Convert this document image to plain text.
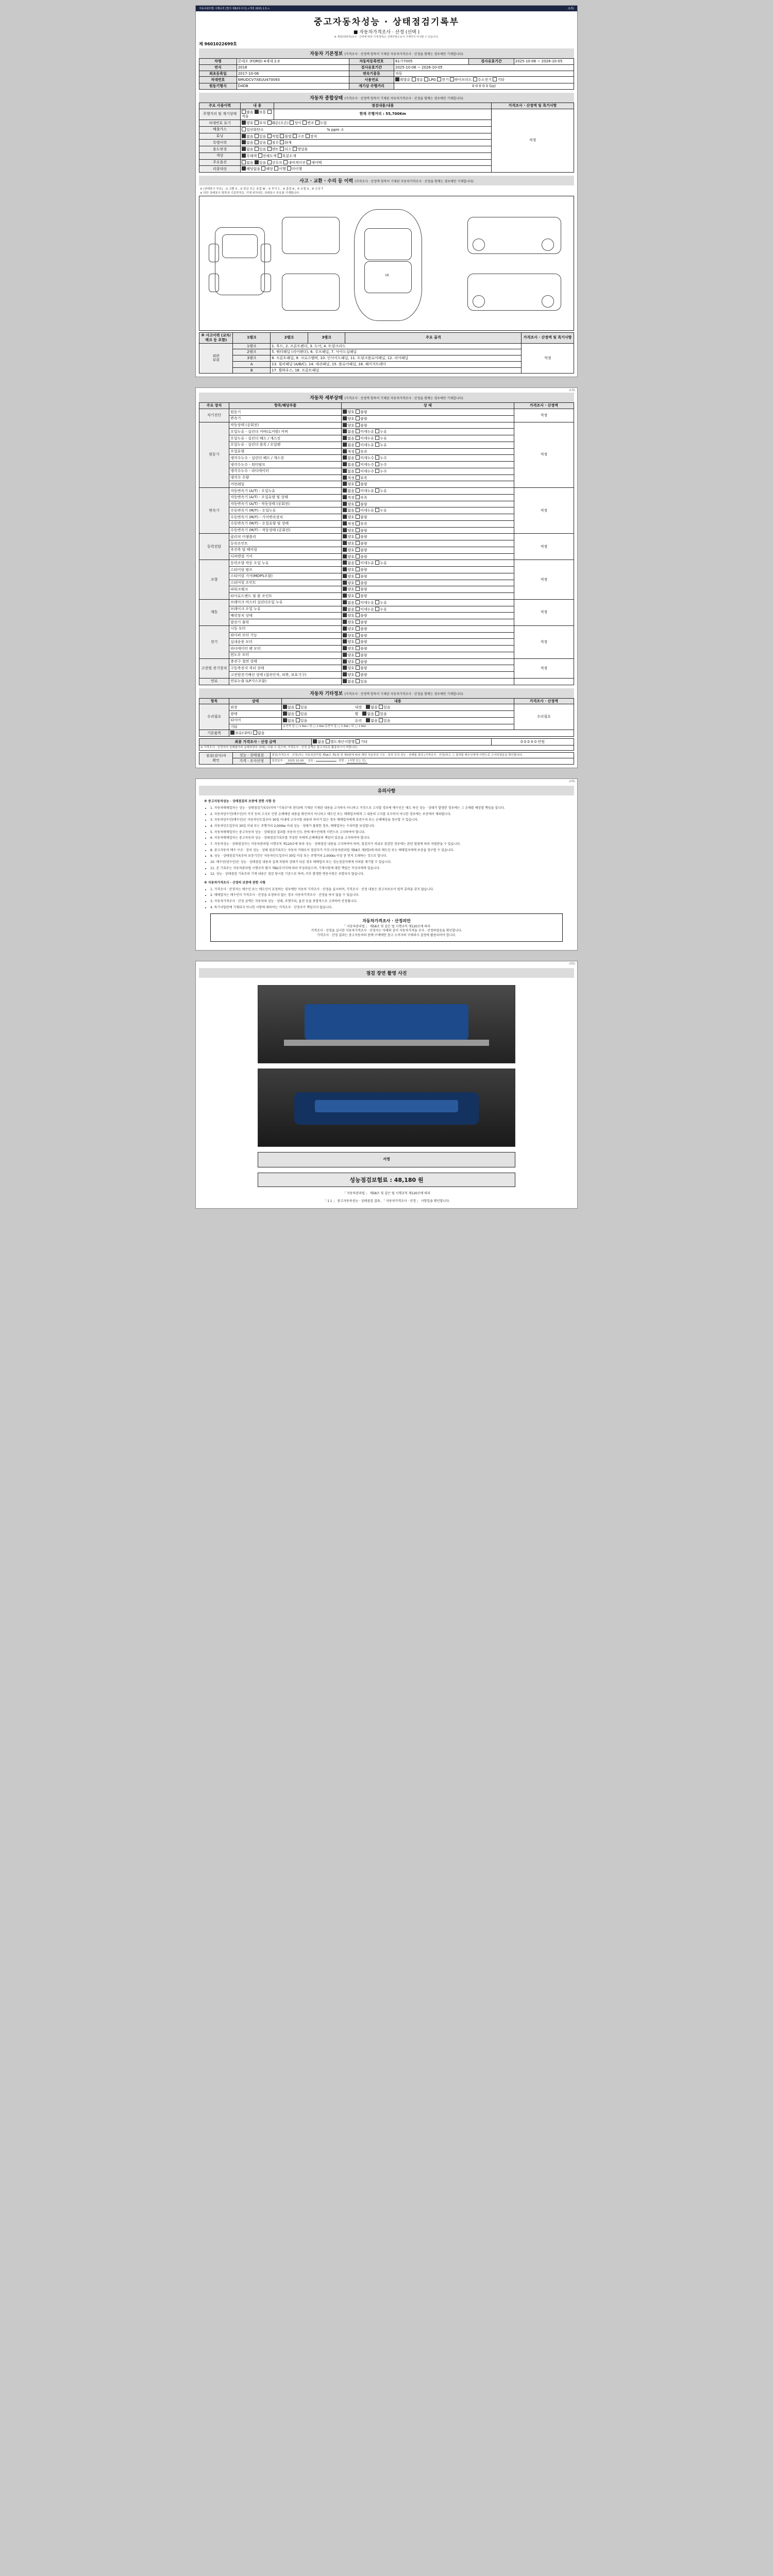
자동차관리법 시행규칙 [별지 제82호서식] <개정 2021.1.5.>	(1쪽)
중고자동차성능 · 상태점검기록부
■ 자동차가격조사 · 산정 (선택 )
※ 제원(대외비)조사 · 산정에 따라 기재 항목은 선택사항으로서 기재하지 아니할 수 있습니다.
제 9601022699호
자동차 기본정보 (가격조사 · 산정액 항목이 기재된 자동차가격조사 · 산정을 함께는 경우에만 기재합니다)
차명	몬데오 (FORD) 4세대 2.0	자동차등록번호	61가7005	검사유효기간	2025-10-06 ~ 2026-10-05
연식	2018	검사유효기간	2025-10-06 ~ 2026-10-05		
최초등록일	2017-10-06	변속기종류	자동		
차대번호	6MUDCV7XEUU470093	사용연료	휘발유 경유 LPG 전기 하이브리드 수소전기 기타		
원동기형식	D4DB	계기상 주행거리	0 0 0 0 0 (㎞)		
자동차 종합상태 (가격조사 · 산정액 항목이 기재된 자동차가격조사 · 산정을 함께는 경우에만 기재합니다)
주요 사용이력	내 용	점검내용/내용	가격조사 · 산정액 및 특기사항
주행거리 및 계기상태	많음 보통 적음	현재 주행거리 : 55,700Km	적정

차대번호 표기	양호 부식 훼손(오손) 상이 변조 도말		
배출가스	일산화탄소 % ppm 소		
튜닝	없음 있음 적법 불법 구조 장치		
특별이력	없음 있음 침수 화재		
용도변경	없음 있음 렌트 리스 영업용		
색상	무채색 전체도색 부분도색		
주요옵션	없음 있음 선루프 내비게이션 에어백		
리콜대상	해당없음 해당 이행 미이행		
사고 · 교환 · 수리 등 이력 (가격조사 · 산정액 항목이 기재된 자동차가격조사 · 산정을 함께는 경우에만 기재합니다)
※ (상태표시 부호) : ① 교환 X , ② 판금 또는 용접 W , ③ 부식 C , ④ 흠집 A , ⑤ 요철 U , ⑥ 손상 T
※ 하단 상태표시 항목과 기준면적은, 기재 위치에는 상태표시 부호를 기재합니다.
16
※ 사고이력 (교차/랙크 등 포함)	1랭크	2랭크	3랭크	주요 골격	가격조사 · 산정액 및 특기사항
외판
부위	1랭크	1. 후드, 2. 프론트펜더, 3. 도어, 4. 트렁크리드			적정
	2랭크	5. 쿼터패널 (리어펜더), 6. 루프패널, 7. 사이드실패널			
	3랭크	8. 프론트패널, 9. 크로스멤버, 10. 인사이드패널, 11. 트렁크플로어패널, 12. 리어패널			
	A	13. 필러패널 (A/B/C), 14. 대쉬패널, 15. 플로어패널, 16. 패키지트레이			
	B	17. 휠하우스, 18. 프론트패널			
(1쪽)
자동차 세부상태 (가격조사 · 산정액 항목이 기재된 자동차가격조사 · 산정을 함께는 경우에만 기재합니다)
주요 장치	항목/해당부품	상 태	가격조사 · 산정액
자기진단	원동기	양호 불량	적정
	변속기	양호 불량	
원동기	작동상태 (공회전)	양호 불량	적정
	오일누유 - 실린더 커버(로커암) 커버	없음 미세누유 누유	
	오일누유 - 실린더 헤드 / 개스킷	없음 미세누유 누유	
	오일누유 - 실린더 블록 / 오일팬	없음 미세누유 누유	
	오일유량	적정 부족	
	냉각수누수 - 실린더 헤드 / 개스킷	없음 미세누수 누수	
	냉각수누수 - 워터펌프	없음 미세누수 누수	
	냉각수누수 - 라디에이터	없음 미세누수 누수	
	냉각수 수량	적정 부족	
	커먼레일	양호 불량	
변속기	자동변속기 (A/T) - 오일누유	없음 미세누유 누유	적정
	자동변속기 (A/T) - 오일유량 및 상태	적정 부족	
	자동변속기 (A/T) - 작동상태 (공회전)	양호 불량	
	수동변속기 (M/T) - 오일누유	없음 미세누유 누유	
	수동변속기 (M/T) - 기어변속장치	양호 불량	
	수동변속기 (M/T) - 오일유량 및 상태	적정 부족	
	수동변속기 (M/T) - 작동상태 (공회전)	양호 불량	
동력전달	클러치 어셈블리	양호 불량	적정
	등속조인트	양호 불량	
	추진축 및 베어링	양호 불량	
	디퍼렌셜 기어	양호 불량	
조향	동력조향 작동 오일 누유	없음 미세누유 누유	적정
	스티어링 펌프	양호 불량	
	스티어링 기어(MDPS포함)	양호 불량	
	스티어링 조인트	양호 불량	
	파워크랭크	양호 불량	
	타이로드엔드 및 볼 조인트	양호 불량	
제동	브레이크 마스터 실린더오일 누유	없음 미세누유 누유	적정
	브레이크 오일 누유	없음 미세누유 누유	
	배력장치 상태	양호 불량	
	발전기 출력	양호 불량	
전기	시동 모터	양호 불량	적정
	와이퍼 모터 기능	양호 불량	
	실내송풍 모터	양호 불량	
	라디에이터 팬 모터	양호 불량	
	윈도우 모터	양호 불량	
고전원 전기장치	충전구 절연 상태	양호 불량	적정
	구동축전지 격리 상태	양호 불량	
	고전원전기배선 상태 (접속단자, 피복, 보호기구)	양호 불량	
연료	연료누출 (LP가스포함)	없음 있음	
자동차 기타정보 (가격조사 · 산정액 항목이 기재된 자동차가격조사 · 산정을 함께는 경우에만 기재합니다)
항목	상태	내용	가격조사 · 산정액
수리필요	외장	없음 있음 내장 없음 있음	수리필요
	광택	없음 있음 휠 없음 있음	
	타이어	없음 있음 유리 없음 있음	
	기타	운전석 앞 □ 1.6㎜ / 뒤 □ 1.6㎜ 동반석 앞 □ 1.6㎜ / 뒤 □ 1.6㎜	
기본품목	보유(내비) 없음		
최종 가격조사 · 산정 금액	없음 별도계산서발행 기타	0 0 0 0 0 만원
※ 가격조사 · 산정자의 상태평가와 실제차량의 상태는 다를 수 있으며, 가격조사 · 산정 금액은 참고자료로 활용하시기 바랍니다.
점검(검사)자
확인	성능 · 상태점검	점검(가격조사 · 산정)자는 자동차관리법 제58조 제1항 및 제3항에 따라 해당 자동차의 구조 · 장치 등의 성능 · 상태를 점검 (가격조사 · 산정)하고 그 결과를 매수인에게 서면으로 고지하였음을 확인합니다.
	가격 · 조사산정	점검일자 : 2025.10.00 상호 : 성명 : (서명 또는 인)
(2쪽)
유의사항
※ 중고자동차성능 · 상태점검의 보증에 관한 사항 등
• 1. 자동차매매업자는 성능 · 상태점검기록부(이하 "기록부"라 한다)에 기재된 기재된 내용을 고지하지 아니하고 거짓으로 고지할 경우에 매수인은 매도 하신 성능 · 상태가 발생한 경우에는 그 손해를 배상할 책임을 집니다.
• 2. 자동차양수인(매수인)이 거짓 등의 고지로 인한 손해배상 내용을 확인하지 아니하고 매도인 또는 매매업자에게 그 내용의 고지를 요구하지 아니한 경우에는 보증에서 제외됩니다.
• 3. 자동차양수인(매수인)은 자동차인도일부터 30일 이내에 고지사항 내용의 차이가 있는 경우 매매업자에게 보증수리 또는 손해배상을 청구할 수 있습니다.
• 4. 자동차인도일부터 30일 이내 또는 주행거리 2,000㎞ 이내 성능 · 상태가 불량한 경우, 매매업자는 수리비를 보상합니다.
• 5. 자동차매매업자는 중고자동차 성능 · 상태점검 결과를 자동차 인도 전에 매수인에게 서면으로 고지하여야 합니다.
• 6. 자동차매매업자는 중고자동차 성능 · 상태점검기록부를 작성한 자에게 손해배상의 책임이 있음을 고지하여야 합니다.
• 7. 자동차성능 · 상태점검자는 자동차관리법 시행규칙 제120조에 따라 성능 · 상태점검 내용을 고지하여야 하며, 점검자가 허위로 점검한 경우에는 관련 법령에 따라 처벌받을 수 있습니다.
• 8. 중고자동차 매수 구조 · 장치 성능 · 상태 점검기록부는 자동차 거래로서 점검자가 거짓 (자동차관리법 제58조 제3항)에 따라 매도인 또는 매매업자에게 보증을 청구할 수 있습니다.
• 9. 성능 · 상태점검기록부의 보증기간은 자동차인도일부터 30일 이상 또는 주행거리 2,000㎞ 이상 중 먼저 도래하는 것으로 합니다.
• 10. 매수인(양수인)은 성능 · 상태점검 내용과 실제 차량의 상태가 다른 경우 매매업자 또는 성능점검자에게 이의를 제기할 수 있습니다.
• 11. 본 기록부는 자동차관리법 시행규칙 별지 제82호서식에 따라 작성되었으며, 기재사항에 대한 책임은 작성자에게 있습니다.
• 12. 성능 · 상태점검 기록부의 기재 내용은 점검 당시를 기준으로 하며, 이후 발생한 변동사항은 포함되지 않습니다.
※ 자동차가격조사 · 산정의 보증에 관한 사항
• 1. 가격조사 · 산정자는 매수인 또는 매도인이 요청하는 경우에만 자동차 가격조사 · 산정을 실시하며, 가격조사 · 산정 내용은 참고자료로서 법적 효력을 갖지 않습니다.
• 2. 매매업자는 매수인이 가격조사 · 산정을 요청하지 않는 경우 자동차가격조사 · 산정을 하지 않을 수 있습니다.
• 3. 자동차가격조사 · 산정 금액은 자동차의 성능 · 상태, 주행거리, 옵션 등을 종합적으로 고려하여 산정됩니다.
• 4. 특기사항란에 기재되지 아니한 사항에 대하여는 가격조사 · 산정자가 책임지지 않습니다.
자동차가격조사 · 산정의안
「 자동차관리법 」 제58조 및 같은 법 시행규칙 제120조에 따라
가격조사 · 산정을 실시한 자동차가격조사 · 산정자는 아래와 같이 자동차가격을 조사 · 산정하였음을 확인합니다.
가격조사 · 산정 결과는 중고자동차의 판매 구매에만 참고 소비자의 구매의사 결정에 활용되어야 합니다.
(3쪽)
점검 장면 촬영 사진
서명
성능점검보험료 : 48,180 원
「 자동차관리법 」 제58조 및 같은 법 시행규칙 제120조에 따라
「 1 1 」 중고자동차성능 · 상태점검 결과, 「 자동차가격조사 · 산정 」 사항입을 확인합니다.
